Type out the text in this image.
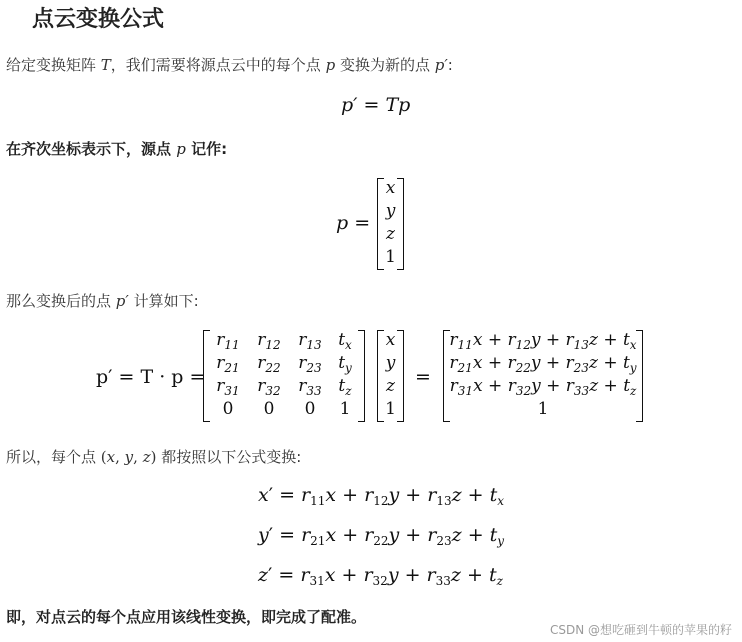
点云变换公式
给定变换矩阵 T，我们需要将源点云中的每个点 p 变换为新的点 p′:
p′ = Tp
在齐次坐标表示下，源点 p 记作:
p =
x
y
z
1
那么变换后的点 p′ 计算如下:
p′ = T · p =
$r_{11}$	$r_{12}$	$r_{13}$ $t_x$
$r_{21}$	$r_{22}$	$r_{23}$ $t_y$
$r_{31}$	$r_{32}$	$r_{33}$ $t_z$
0	0	0	1
x
y
z
1
=
$r_{11}x + r_{12}y + r_{13}z + t_x$
$r_{21}x + r_{22}y + r_{23}z + t_y$
$r_{31}x + r_{32}y + r_{33}z + t_z$
1
所以，每个点 (x, y, z) 都按照以下公式变换:
$x' = r_{11}x + r_{12}y + r_{13}z + t_x$
$y' = r_{21}x + r_{22}y + r_{23}z + t_y$
$z' = r_{31}x + r_{32}y + r_{33}z + t_z$
即，对点云的每个点应用该线性变换，即完成了配准。
CSDN @想吃砸到牛顿的苹果的籽
